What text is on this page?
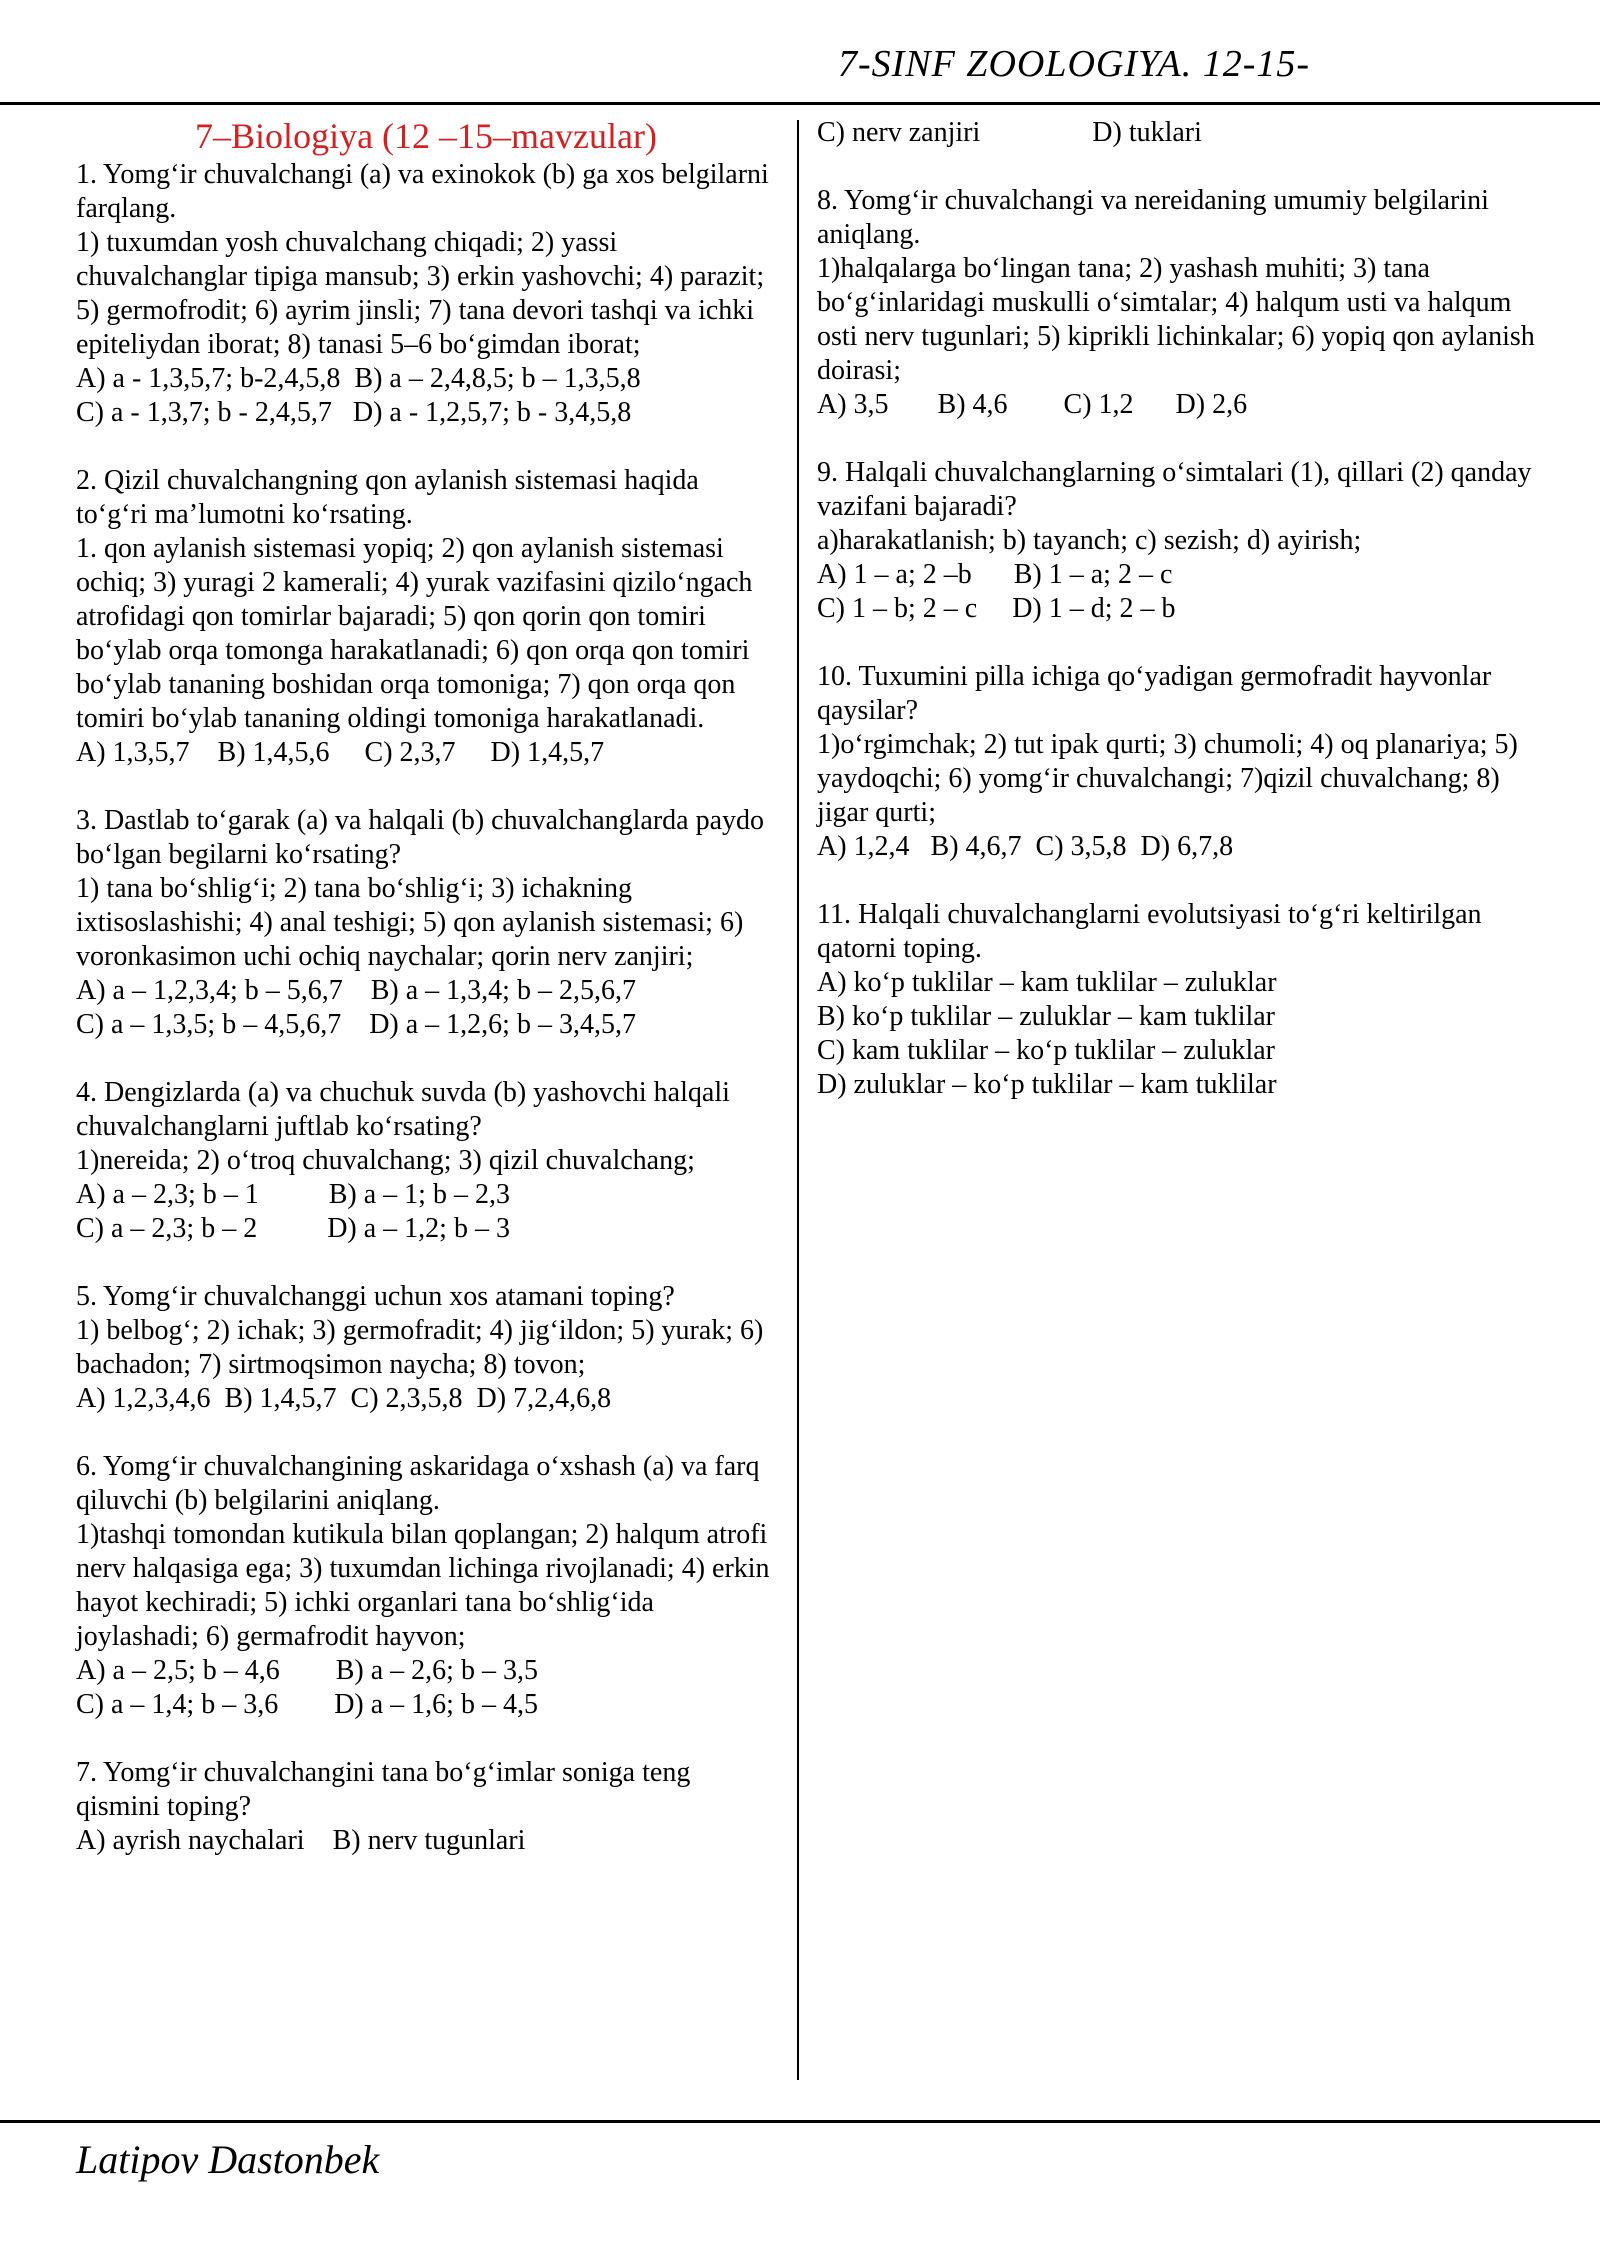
7-SINF ZOOLOGIYA. 12-15-
7–Biologiya (12 –15–mavzular)
1. Yomg‘ir chuvalchangi (a) va exinokok (b) ga xos belgilarni farqlang.
1) tuxumdan yosh chuvalchang chiqadi; 2) yassi chuvalchanglar tipiga mansub; 3) erkin yashovchi; 4) parazit; 5) germofrodit; 6) ayrim jinsli; 7) tana devori tashqi va ichki epiteliydan iborat; 8) tanasi 5–6 bo‘gimdan iborat;
A) a - 1,3,5,7; b-2,4,5,8  B) a – 2,4,8,5; b – 1,3,5,8
C) a - 1,3,7; b - 2,4,5,7   D) a - 1,2,5,7; b - 3,4,5,8
2. Qizil chuvalchangning qon aylanish sistemasi haqida to‘g‘ri ma’lumotni ko‘rsating.
1. qon aylanish sistemasi yopiq; 2) qon aylanish sistemasi ochiq; 3) yuragi 2 kamerali; 4) yurak vazifasini qizilo‘ngach atrofidagi qon tomirlar bajaradi; 5) qon qorin qon tomiri bo‘ylab orqa tomonga harakatlanadi; 6) qon orqa qon tomiri bo‘ylab tananing boshidan orqa tomoniga; 7) qon orqa qon tomiri bo‘ylab tananing oldingi tomoniga harakatlanadi.
A) 1,3,5,7    B) 1,4,5,6     C) 2,3,7     D) 1,4,5,7
3. Dastlab to‘garak (a) va halqali (b) chuvalchanglarda paydo bo‘lgan begilarni ko‘rsating?
1) tana bo‘shlig‘i; 2) tana bo‘shlig‘i; 3) ichakning ixtisoslashishi; 4) anal teshigi; 5) qon aylanish sistemasi; 6) voronkasimon uchi ochiq naychalar; qorin nerv zanjiri;
A) a – 1,2,3,4; b – 5,6,7    B) a – 1,3,4; b – 2,5,6,7
C) a – 1,3,5; b – 4,5,6,7    D) a – 1,2,6; b – 3,4,5,7
4. Dengizlarda (a) va chuchuk suvda (b) yashovchi halqali chuvalchanglarni juftlab ko‘rsating?
1)nereida; 2) o‘troq chuvalchang; 3) qizil chuvalchang;
A) a – 2,3; b – 1          B) a – 1; b – 2,3
C) a – 2,3; b – 2          D) a – 1,2; b – 3
5. Yomg‘ir chuvalchanggi uchun xos atamani toping?
1) belbog‘; 2) ichak; 3) germofradit; 4) jig‘ildon; 5) yurak; 6) bachadon; 7) sirtmoqsimon naycha; 8) tovon;
A) 1,2,3,4,6  B) 1,4,5,7  C) 2,3,5,8  D) 7,2,4,6,8
6. Yomg‘ir chuvalchangining askaridaga o‘xshash (a) va farq qiluvchi (b) belgilarini aniqlang.
1)tashqi tomondan kutikula bilan qoplangan; 2) halqum atrofi nerv halqasiga ega; 3) tuxumdan lichinga rivojlanadi; 4) erkin hayot kechiradi; 5) ichki organlari tana bo‘shlig‘ida joylashadi; 6) germafrodit hayvon;
A) a – 2,5; b – 4,6        B) a – 2,6; b – 3,5
C) a – 1,4; b – 3,6        D) a – 1,6; b – 4,5
7. Yomg‘ir chuvalchangini tana bo‘g‘imlar soniga teng qismini toping?
A) ayrish naychalari    B) nerv tugunlari
C) nerv zanjiri                D) tuklari
8. Yomg‘ir chuvalchangi va nereidaning umumiy belgilarini aniqlang.
1)halqalarga bo‘lingan tana; 2) yashash muhiti; 3) tana bo‘g‘inlaridagi muskulli o‘simtalar; 4) halqum usti va halqum osti nerv tugunlari; 5) kiprikli lichinkalar; 6) yopiq qon aylanish doirasi;
A) 3,5       B) 4,6        C) 1,2      D) 2,6
9. Halqali chuvalchanglarning o‘simtalari (1), qillari (2) qanday vazifani bajaradi?
a)harakatlanish; b) tayanch; c) sezish; d) ayirish;
A) 1 – a; 2 –b      B) 1 – a; 2 – c
C) 1 – b; 2 – c     D) 1 – d; 2 – b
10. Tuxumini pilla ichiga qo‘yadigan germofradit hayvonlar qaysilar?
1)o‘rgimchak; 2) tut ipak qurti; 3) chumoli; 4) oq planariya; 5) yaydoqchi; 6) yomg‘ir chuvalchangi; 7)qizil chuvalchang; 8) jigar qurti;
A) 1,2,4   B) 4,6,7  C) 3,5,8  D) 6,7,8
11. Halqali chuvalchanglarni evolutsiyasi to‘g‘ri keltirilgan qatorni toping.
A) ko‘p tuklilar – kam tuklilar – zuluklar
B) ko‘p tuklilar – zuluklar – kam tuklilar
C) kam tuklilar – ko‘p tuklilar – zuluklar
D) zuluklar – ko‘p tuklilar – kam tuklilar
Latipov Dastonbek
